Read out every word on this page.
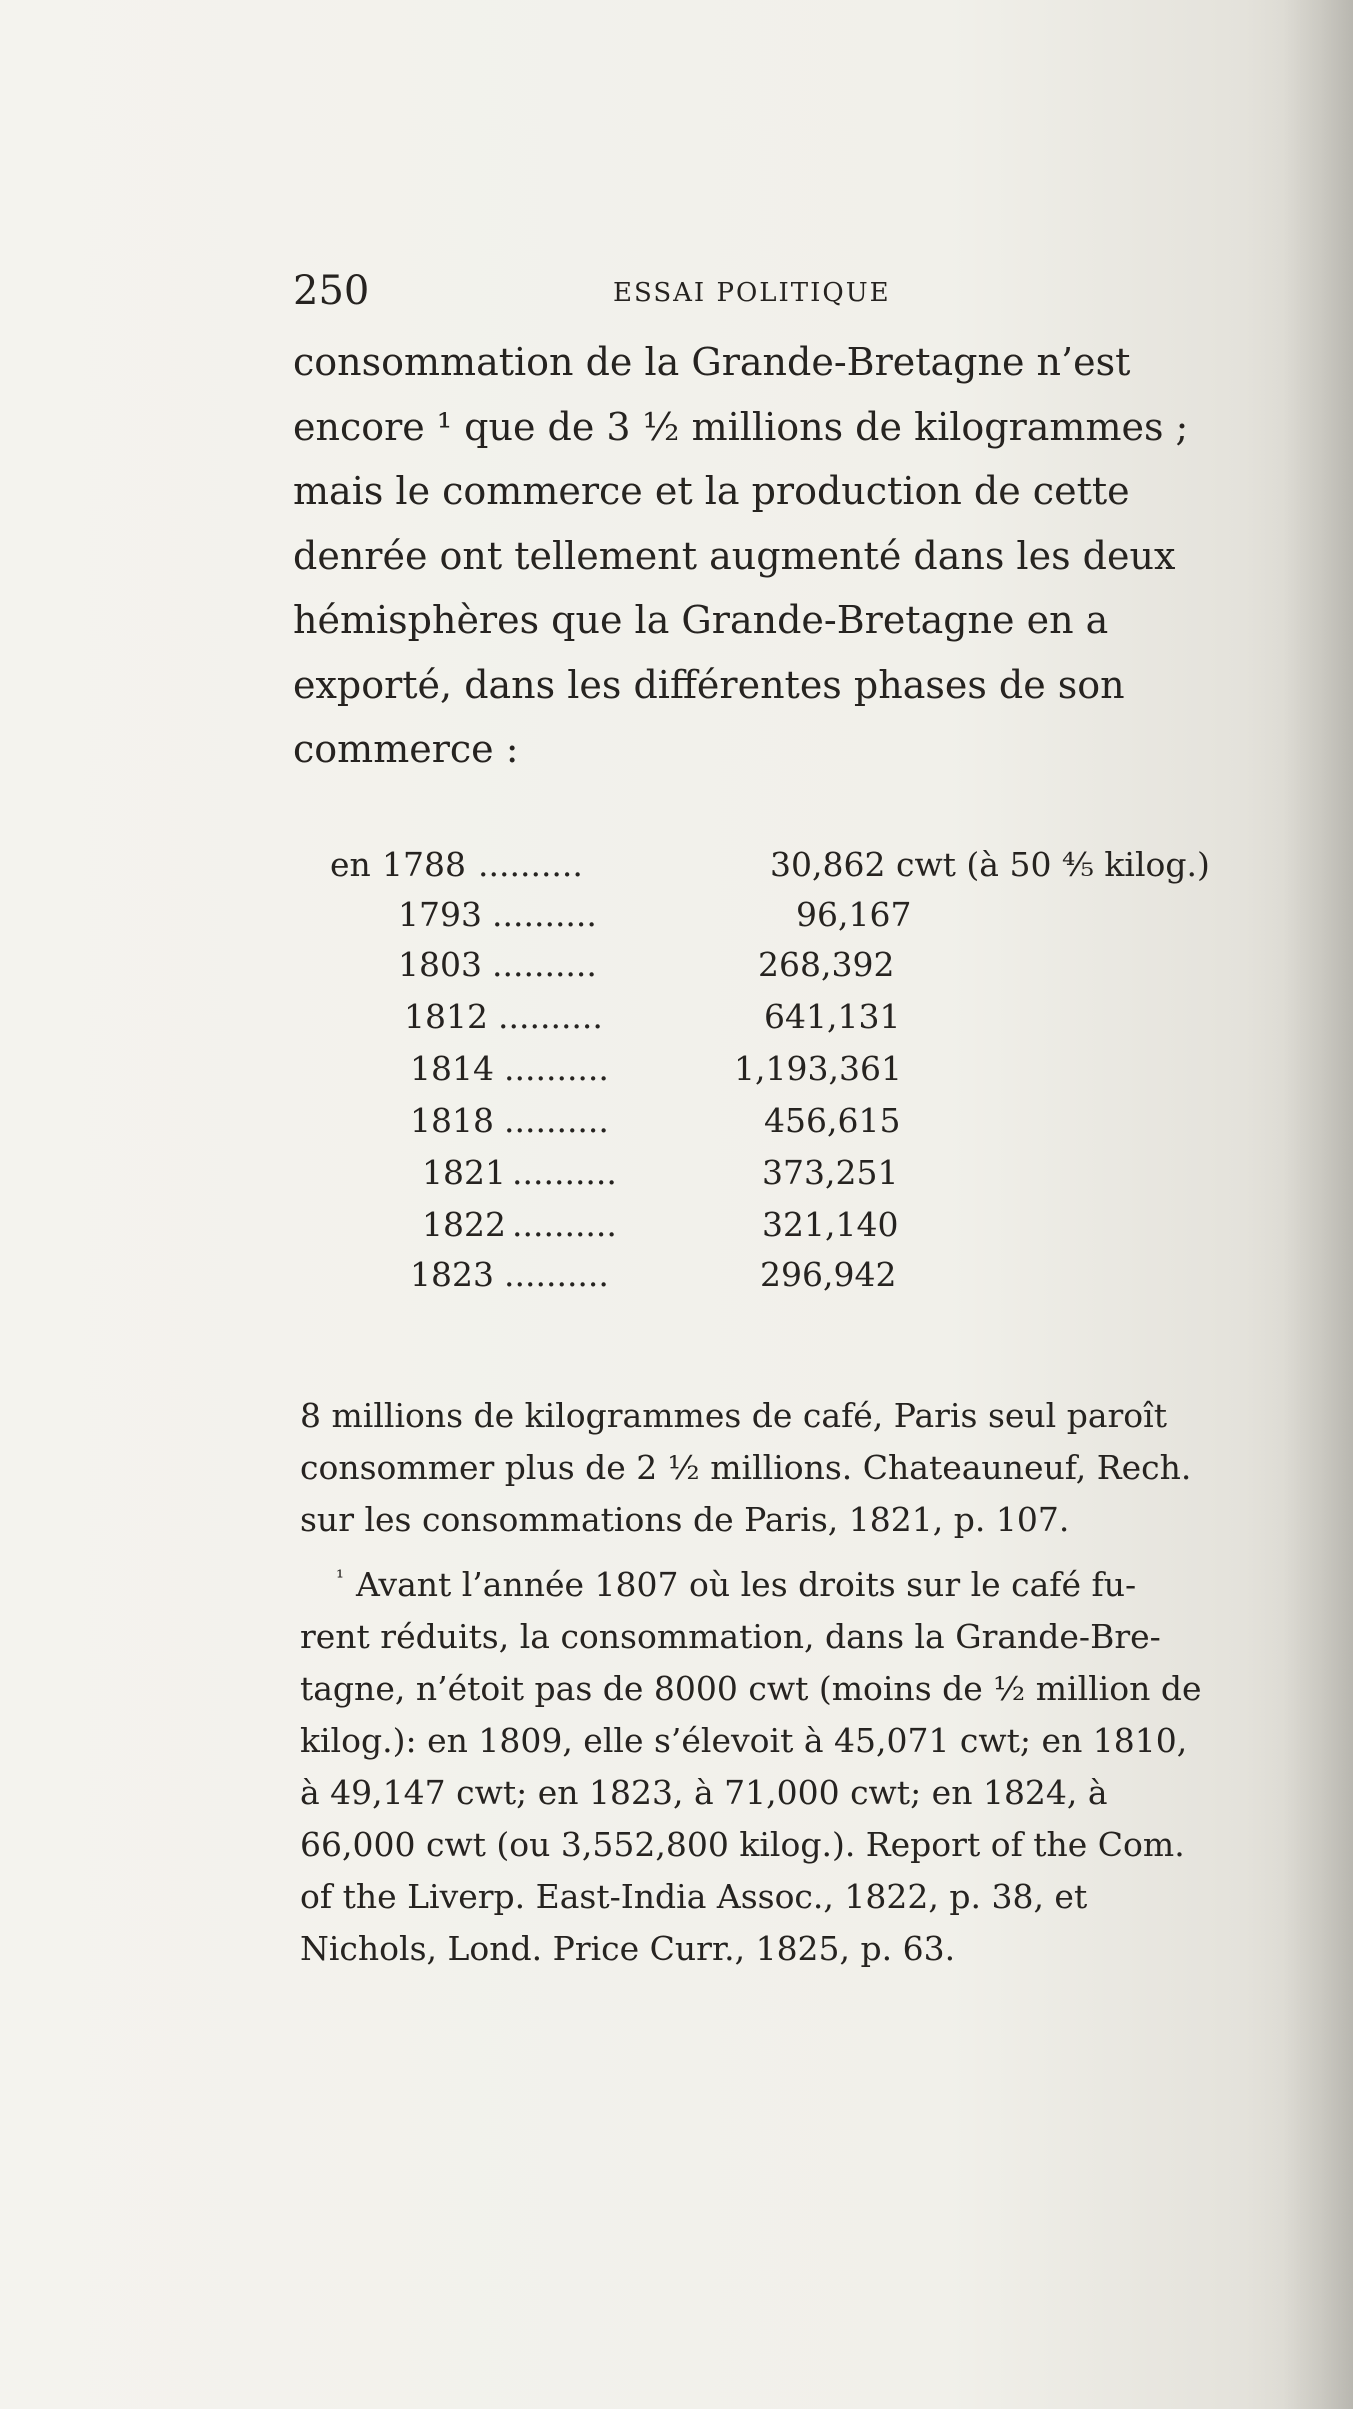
250	ESSAI POLITIQUE
consommation de la Grande-Bretagne n’est
encore ¹ que de 3 ½ millions de kilogrammes ;
mais le commerce et la production de cette
denrée ont tellement augmenté dans les deux
hémisphères que la Grande-Bretagne en a
exporté, dans les différentes phases de son
commerce :
en 1788 ..........	30,862 cwt (à 50 ⅘ kilog.)
1793 ..........	96,167
1803 ..........	268,392
1812 ..........	641,131
1814 ..........	1,193,361
1818 ..........	456,615
1821 ..........	373,251
1822 ..........	321,140
1823 ..........	296,942
8 millions de kilogrammes de café, Paris seul paroît
consommer plus de 2 ½ millions. Chateauneuf, Rech.
sur les consommations de Paris, 1821, p. 107.
$^{^1}$ Avant l’année 1807 où les droits sur le café fu-
rent réduits, la consommation, dans la Grande-Bre-
tagne, n’étoit pas de 8000 cwt (moins de ½ million de
kilog.): en 1809, elle s’élevoit à 45,071 cwt; en 1810,
à 49,147 cwt; en 1823, à 71,000 cwt; en 1824, à
66,000 cwt (ou 3,552,800 kilog.). Report of the Com.
of the Liverp. East-India Assoc., 1822, p. 38, et
Nichols, Lond. Price Curr., 1825, p. 63.
